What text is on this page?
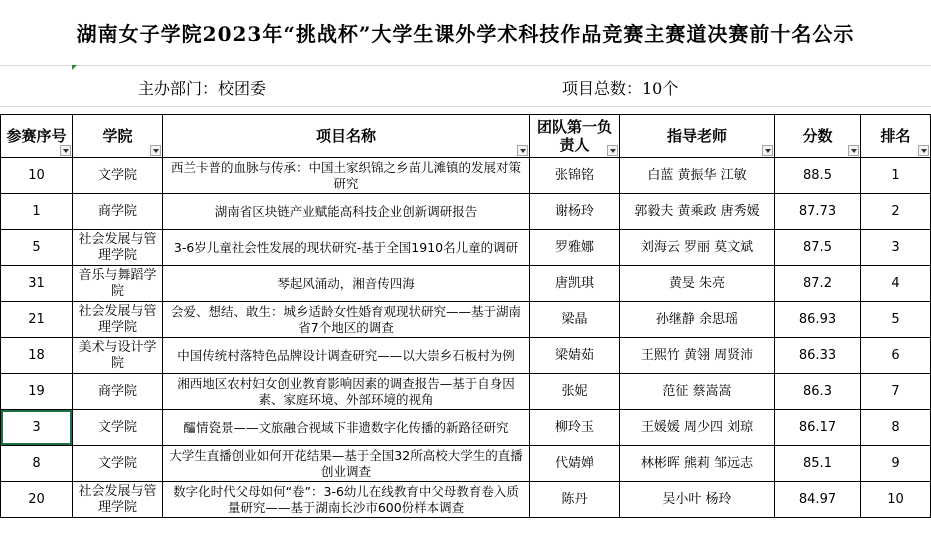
湖南女子学院2023年“挑战杯”大学生课外学术科技作品竞赛主赛道决赛前十名公示
主办部门：校团委	项目总数：10个
参赛序号	学院	项目名称	团队第一负责人	指导老师	分数	排名

10	文学院	西兰卡普的血脉与传承：中国土家织锦之乡苗儿滩镇的发展对策研究	张锦铭	白蓝 黄振华 江敏	88.5	1
1	商学院	湖南省区块链产业赋能高科技企业创新调研报告	谢杨玲	郭毅夫 黄乘政 唐秀媛	87.73	2
5	社会发展与管理学院	3-6岁儿童社会性发展的现状研究-基于全国1910名儿童的调研	罗雅娜	刘海云 罗丽 莫文斌	87.5	3
31	音乐与舞蹈学院	琴起风涌动，湘音传四海	唐凯琪	黄旻 朱亮	87.2	4
21	社会发展与管理学院	会爱、想结、敢生：城乡适龄女性婚育观现状研究——基于湖南省7个地区的调查	梁晶	孙继静 余思瑶	86.93	5
18	美术与设计学院	中国传统村落特色品牌设计调查研究——以大崇乡石板村为例	梁婧茹	王熙竹 黄翎 周贤沛	86.33	6
19	商学院	湘西地区农村妇女创业教育影响因素的调查报告—基于自身因素、家庭环境、外部环境的视角	张妮	范征 蔡嵩嵩	86.3	7
3	文学院	醽情瓷景——文旅融合视域下非遗数字化传播的新路径研究	柳玲玉	王媛媛 周少四 刘琼	86.17	8
8	文学院	大学生直播创业如何开花结果—基于全国32所高校大学生的直播创业调查	代婧婵	林彬晖 熊莉 邹远志	85.1	9
20	社会发展与管理学院	数字化时代父母如何“卷”：3-6幼儿在线教育中父母教育卷入质量研究——基于湖南长沙市600份样本调查	陈丹	吴小叶 杨玲	84.97	10
